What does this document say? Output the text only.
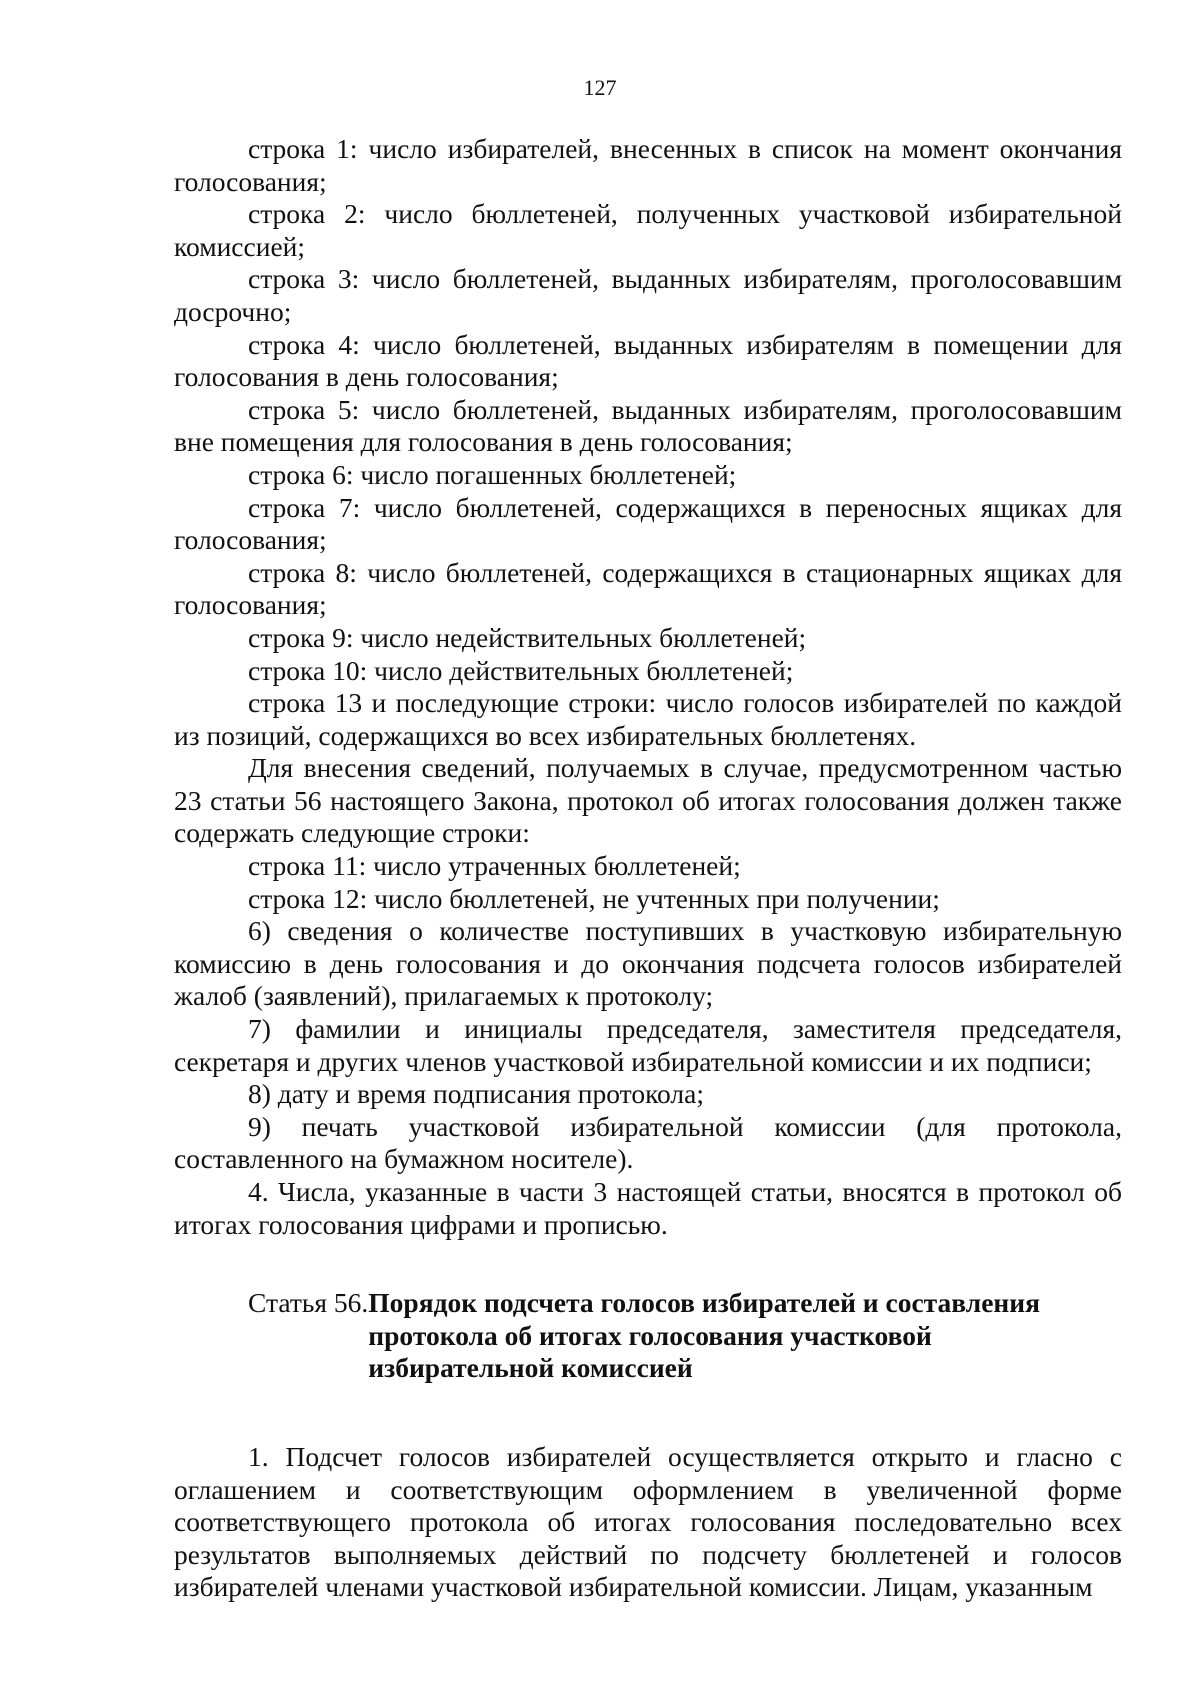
127

строка 1: число избирателей, внесенных в список на момент окончания голосования;

строка 2: число бюллетеней, полученных участковой избирательной комиссией;

строка 3: число бюллетеней, выданных избирателям, проголосовавшим досрочно;

строка 4: число бюллетеней, выданных избирателям в помещении для голосования в день голосования;

строка 5: число бюллетеней, выданных избирателям, проголосовавшим вне помещения для голосования в день голосования;

строка 6: число погашенных бюллетеней;

строка 7: число бюллетеней, содержащихся в переносных ящиках для голосования;

строка 8: число бюллетеней, содержащихся в стационарных ящиках для голосования;

строка 9: число недействительных бюллетеней;

строка 10: число действительных бюллетеней;

строка 13 и последующие строки: число голосов избирателей по каждой из позиций, содержащихся во всех избирательных бюллетенях.

Для внесения сведений, получаемых в случае, предусмотренном частью 23 статьи 56 настоящего Закона, протокол об итогах голосования должен также содержать следующие строки:

строка 11: число утраченных бюллетеней;

строка 12: число бюллетеней, не учтенных при получении;

6) сведения о количестве поступивших в участковую избирательную комиссию в день голосования и до окончания подсчета голосов избирателей жалоб (заявлений), прилагаемых к протоколу;

7) фамилии и инициалы председателя, заместителя председателя, секретаря и других членов участковой избирательной комиссии и их подписи;

8) дату и время подписания протокола;

9) печать участковой избирательной комиссии (для протокола, составленного на бумажном носителе).

4. Числа, указанные в части 3 настоящей статьи, вносятся в протокол об итогах голосования цифрами и прописью.

Статья 56. Порядок подсчета голосов избирателей и составления протокола об итогах голосования участковой избирательной комиссией

1. Подсчет голосов избирателей осуществляется открыто и гласно с оглашением и соответствующим оформлением в увеличенной форме соответствующего протокола об итогах голосования последовательно всех результатов выполняемых действий по подсчету бюллетеней и голосов избирателей членами участковой избирательной комиссии. Лицам, указанным
